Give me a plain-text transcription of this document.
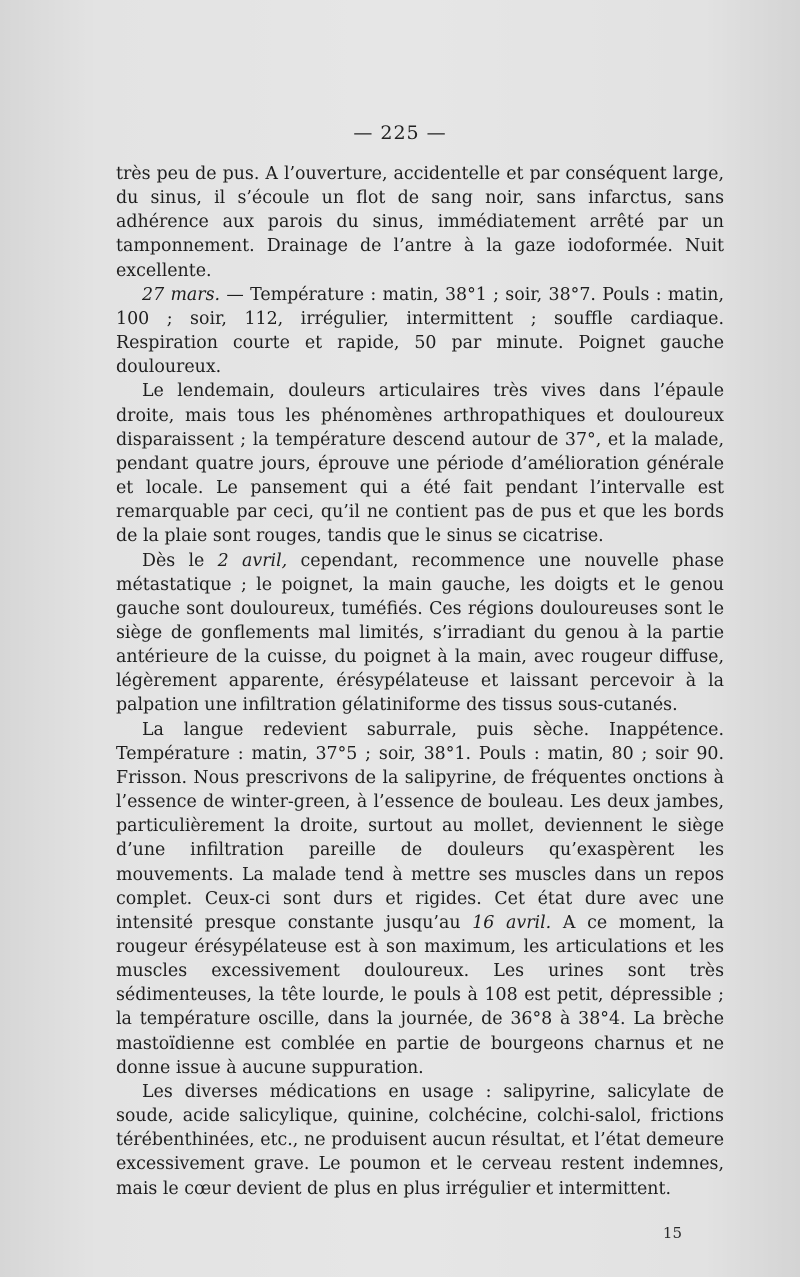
— 225 —

très peu de pus. A l’ouverture, accidentelle et par conséquent large, du sinus, il s’écoule un flot de sang noir, sans infarctus, sans adhérence aux parois du sinus, immédiatement arrêté par un tamponnement. Drainage de l’antre à la gaze iodoformée. Nuit excellente.

27 mars. — Température : matin, 38°1 ; soir, 38°7. Pouls : matin, 100 ; soir, 112, irrégulier, intermittent ; souffle cardiaque. Respiration courte et rapide, 50 par minute. Poignet gauche douloureux.

Le lendemain, douleurs articulaires très vives dans l’épaule droite, mais tous les phénomènes arthropathiques et douloureux disparaissent ; la température descend autour de 37°, et la malade, pendant quatre jours, éprouve une période d’amélioration générale et locale. Le pansement qui a été fait pendant l’intervalle est remarquable par ceci, qu’il ne contient pas de pus et que les bords de la plaie sont rouges, tandis que le sinus se cicatrise.

Dès le 2 avril, cependant, recommence une nouvelle phase métastatique ; le poignet, la main gauche, les doigts et le genou gauche sont douloureux, tuméfiés. Ces régions douloureuses sont le siège de gonflements mal limités, s’irradiant du genou à la partie antérieure de la cuisse, du poignet à la main, avec rougeur diffuse, légèrement apparente, érésypélateuse et laissant percevoir à la palpation une infiltration gélatiniforme des tissus sous-cutanés.

La langue redevient saburrale, puis sèche. Inappétence. Température : matin, 37°5 ; soir, 38°1. Pouls : matin, 80 ; soir 90. Frisson. Nous prescrivons de la salipyrine, de fréquentes onctions à l’essence de winter-green, à l’essence de bouleau. Les deux jambes, particulièrement la droite, surtout au mollet, deviennent le siège d’une infiltration pareille de douleurs qu’exaspèrent les mouvements. La malade tend à mettre ses muscles dans un repos complet. Ceux-ci sont durs et rigides. Cet état dure avec une intensité presque constante jusqu’au 16 avril. A ce moment, la rougeur érésypélateuse est à son maximum, les articulations et les muscles excessivement douloureux. Les urines sont très sédimenteuses, la tête lourde, le pouls à 108 est petit, dépressible ; la température oscille, dans la journée, de 36°8 à 38°4. La brèche mastoïdienne est comblée en partie de bourgeons charnus et ne donne issue à aucune suppuration.

Les diverses médications en usage : salipyrine, salicylate de soude, acide salicylique, quinine, colchécine, colchi-salol, frictions térébenthinées, etc., ne produisent aucun résultat, et l’état demeure excessivement grave. Le poumon et le cerveau restent indemnes, mais le cœur devient de plus en plus irrégulier et intermittent.

15
